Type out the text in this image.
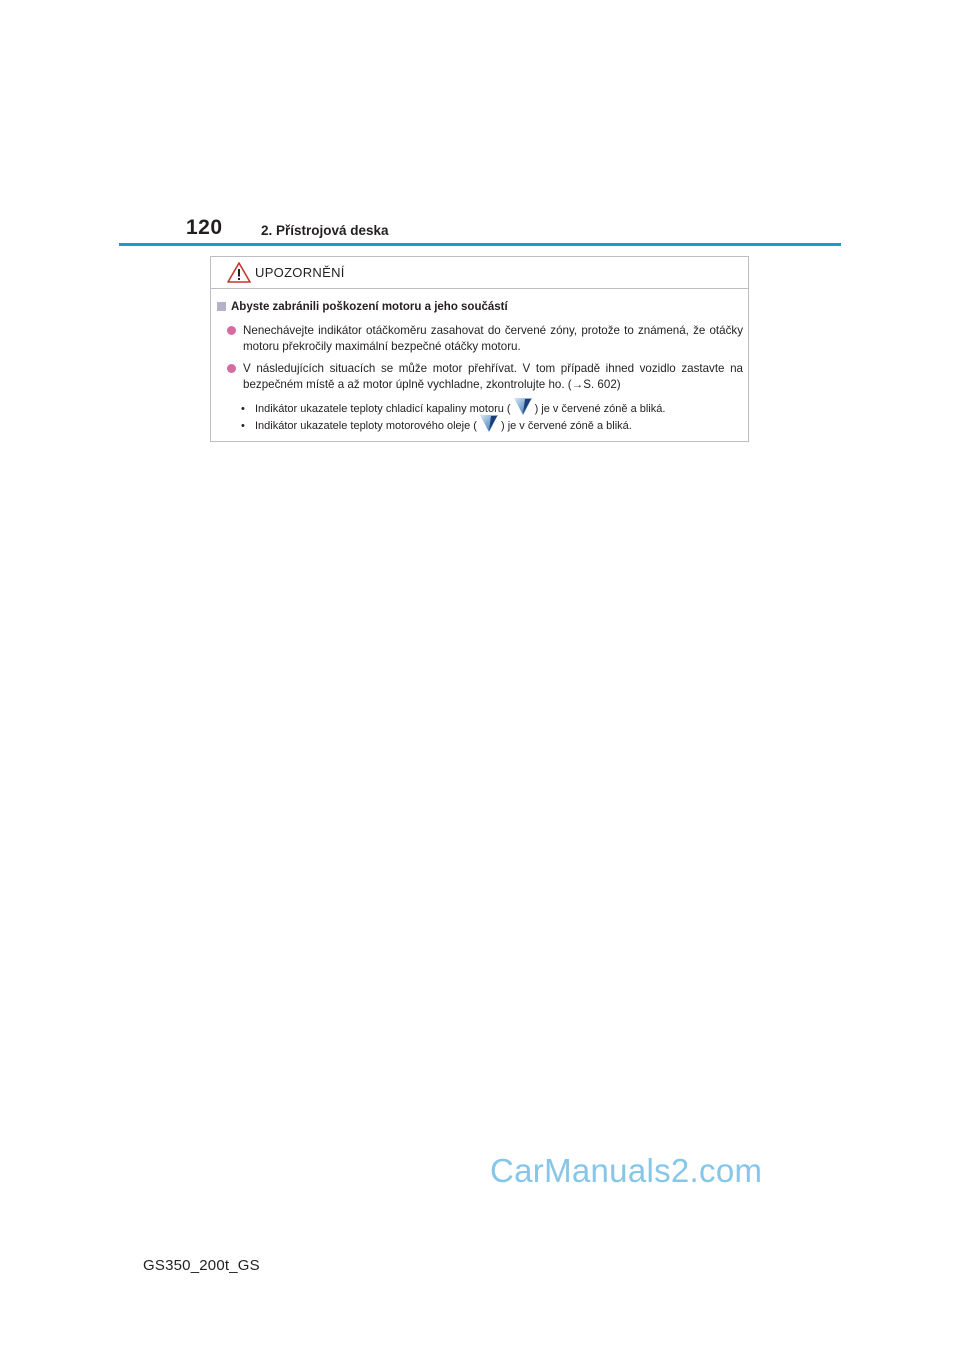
120	2. Přístrojová deska
UPOZORNĚNÍ
Abyste zabránili poškození motoru a jeho součástí
Nenechávejte indikátor otáčkoměru zasahovat do červené zóny, protože to známená, že otáčky motoru překročily maximální bezpečné otáčky motoru.
V následujících situacích se může motor přehřívat. V tom případě ihned vozidlo zastavte na bezpečném místě a až motor úplně vychladne, zkontrolujte ho. (→S. 602)
• Indikátor ukazatele teploty chladicí kapaliny motoru ( ) je v červené zóně a bliká.
• Indikátor ukazatele teploty motorového oleje ( ) je v červené zóně a bliká.
CarManuals2.com
GS350_200t_GS
